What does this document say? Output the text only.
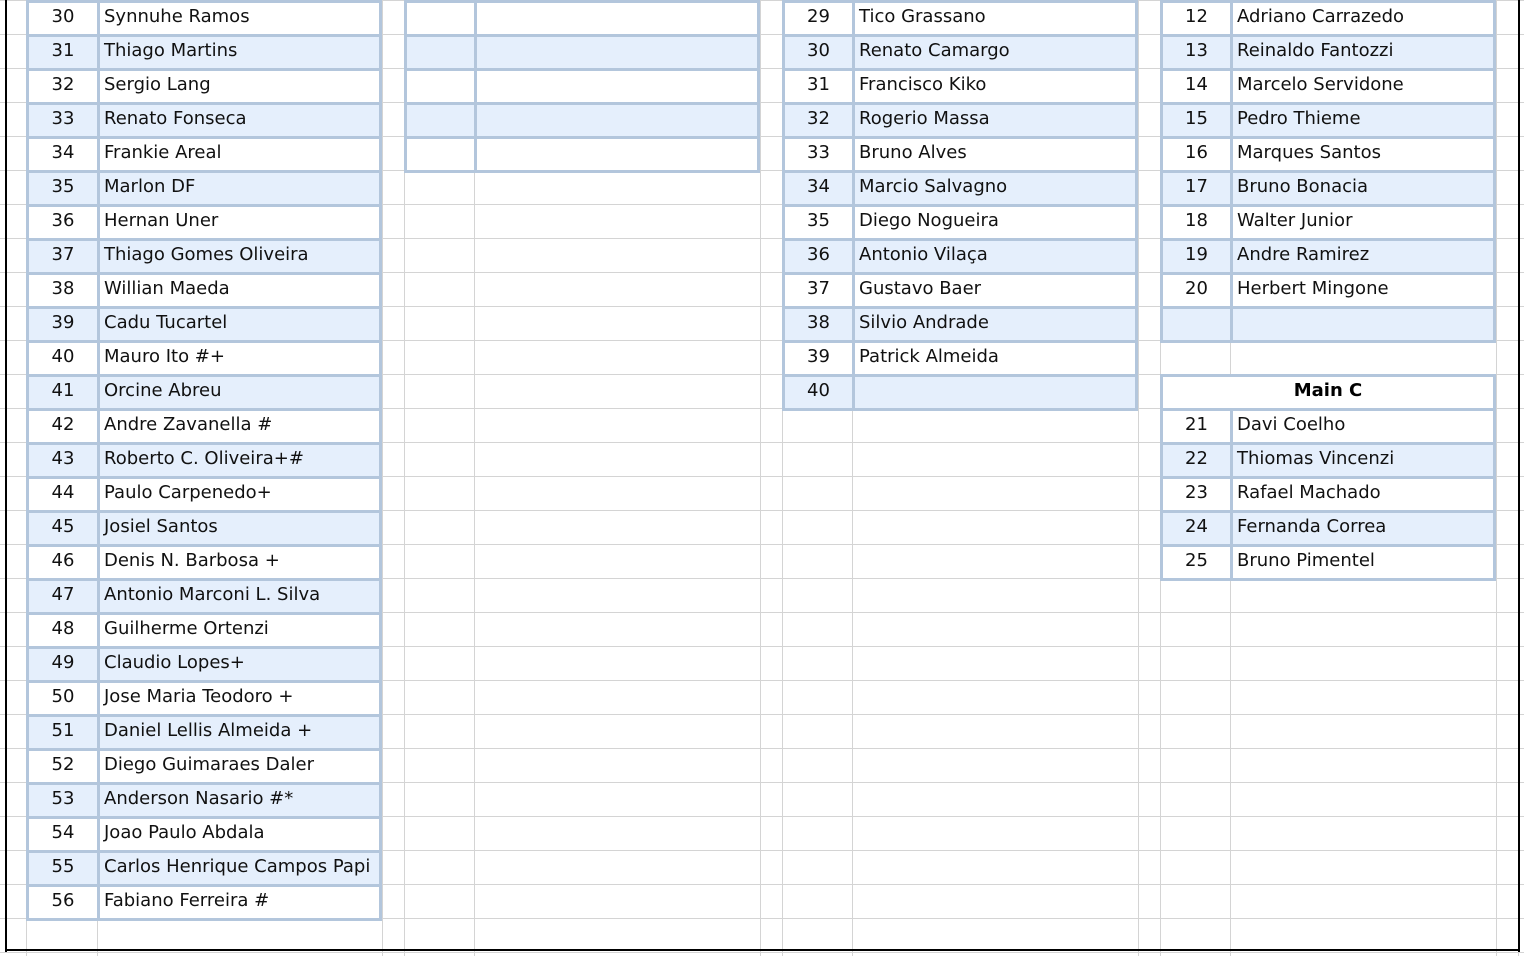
30	Synnuhe Ramos
31	Thiago Martins
32	Sergio Lang
33	Renato Fonseca
34	Frankie Areal
35	Marlon DF
36	Hernan Uner
37	Thiago Gomes Oliveira
38	Willian Maeda
39	Cadu Tucartel
40	Mauro Ito #+
41	Orcine Abreu
42	Andre Zavanella #
43	Roberto C. Oliveira+#
44	Paulo Carpenedo+
45	Josiel Santos
46	Denis N. Barbosa +
47	Antonio Marconi L. Silva
48	Guilherme Ortenzi
49	Claudio Lopes+
50	Jose Maria Teodoro +
51	Daniel Lellis Almeida +
52	Diego Guimaraes Daler
53	Anderson Nasario #*
54	Joao Paulo Abdala
55	Carlos Henrique Campos Papi
56	Fabiano Ferreira #
29	Tico Grassano
30	Renato Camargo
31	Francisco Kiko
32	Rogerio Massa
33	Bruno Alves
34	Marcio Salvagno
35	Diego Nogueira
36	Antonio Vilaça
37	Gustavo Baer
38	Silvio Andrade
39	Patrick Almeida
40
12	Adriano Carrazedo
13	Reinaldo Fantozzi
14	Marcelo Servidone
15	Pedro Thieme
16	Marques Santos
17	Bruno Bonacia
18	Walter Junior
19	Andre Ramirez
20	Herbert Mingone
Main C
21	Davi Coelho
22	Thiomas Vincenzi
23	Rafael Machado
24	Fernanda Correa
25	Bruno Pimentel
